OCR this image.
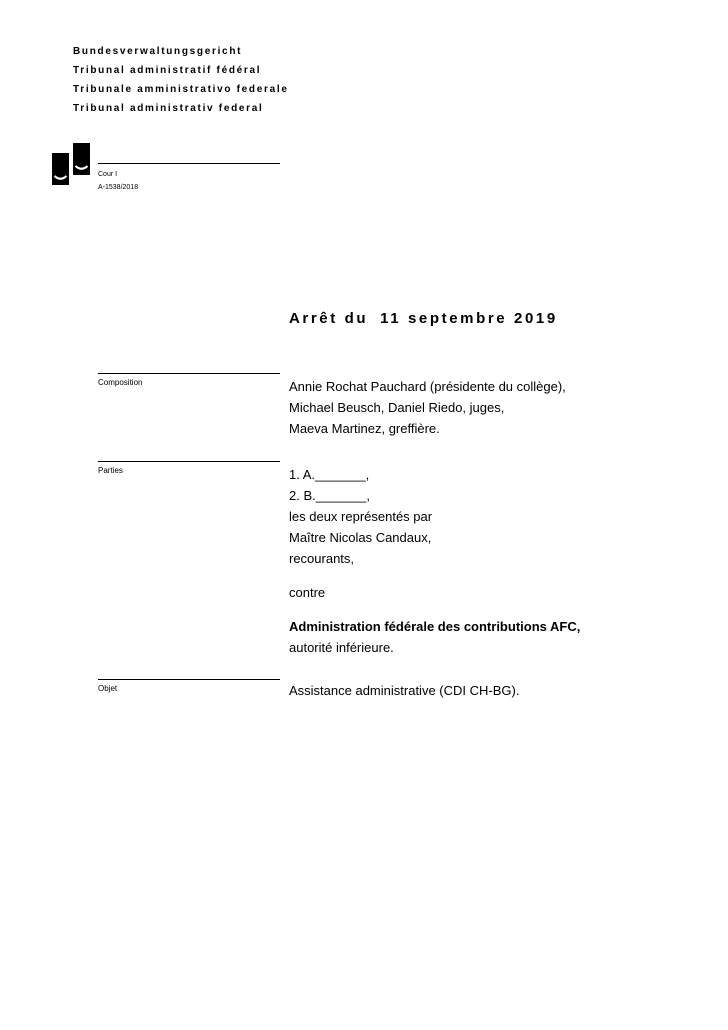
Bundesverwaltungsgericht
Tribunal administratif fédéral
Tribunale amministrativo federale
Tribunal administrativ federal
Cour I
A-1538/2018
Arrêt du 11 septembre 2019
Composition	Annie Rochat Pauchard (présidente du collège),
Michael Beusch, Daniel Riedo, juges,
Maeva Martinez, greffière.
Parties	1. A._______,
2. B._______,
les deux représentés par
Maître Nicolas Candaux,
recourants,
contre
Administration fédérale des contributions AFC,
autorité inférieure.
Objet	Assistance administrative (CDI CH-BG).
